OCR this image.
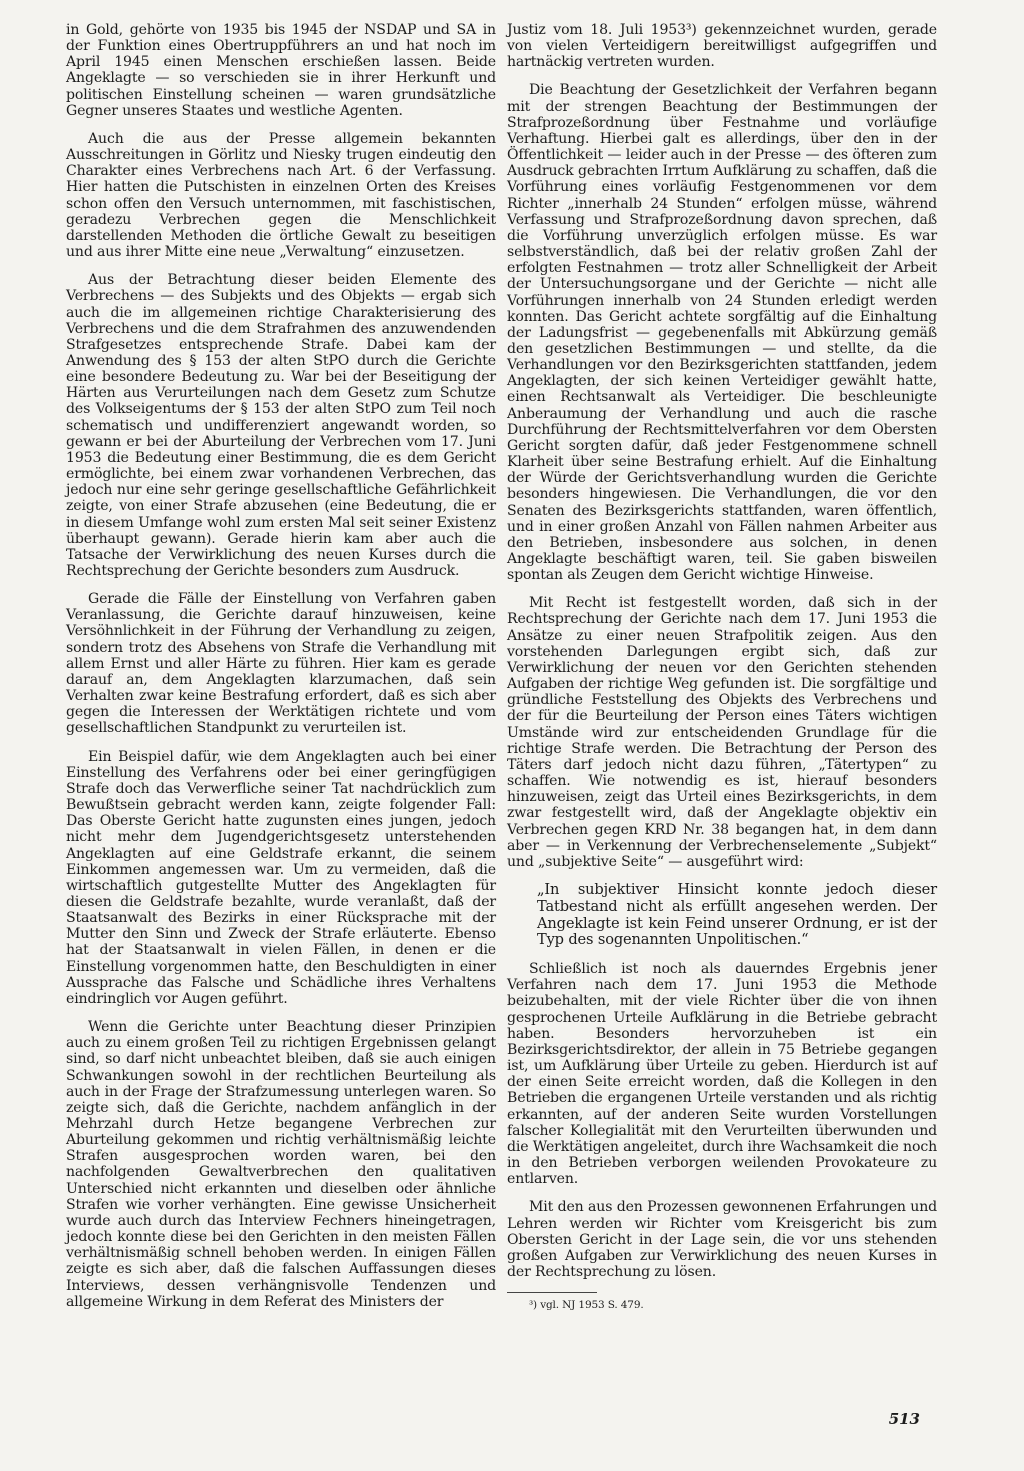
in Gold, gehörte von 1935 bis 1945 der NSDAP und SA in der Funktion eines Obertruppführers an und hat noch im April 1945 einen Menschen erschießen lassen. Beide Angeklagte — so verschieden sie in ihrer Herkunft und politischen Einstellung scheinen — waren grundsätzliche Gegner unseres Staates und westliche Agenten.

Auch die aus der Presse allgemein bekannten Ausschreitungen in Görlitz und Niesky trugen eindeutig den Charakter eines Verbrechens nach Art. 6 der Verfassung. Hier hatten die Putschisten in einzelnen Orten des Kreises schon offen den Versuch unternommen, mit faschistischen, geradezu Verbrechen gegen die Menschlichkeit darstellenden Methoden die örtliche Gewalt zu beseitigen und aus ihrer Mitte eine neue „Verwaltung“ einzusetzen.

Aus der Betrachtung dieser beiden Elemente des Verbrechens — des Subjekts und des Objekts — ergab sich auch die im allgemeinen richtige Charakterisierung des Verbrechens und die dem Strafrahmen des anzuwendenden Strafgesetzes entsprechende Strafe. Dabei kam der Anwendung des § 153 der alten StPO durch die Gerichte eine besondere Bedeutung zu. War bei der Beseitigung der Härten aus Verurteilungen nach dem Gesetz zum Schutze des Volkseigentums der § 153 der alten StPO zum Teil noch schematisch und undifferenziert angewandt worden, so gewann er bei der Aburteilung der Verbrechen vom 17. Juni 1953 die Bedeutung einer Bestimmung, die es dem Gericht ermöglichte, bei einem zwar vorhandenen Verbrechen, das jedoch nur eine sehr geringe gesellschaftliche Gefährlichkeit zeigte, von einer Strafe abzusehen (eine Bedeutung, die er in diesem Umfange wohl zum ersten Mal seit seiner Existenz überhaupt gewann). Gerade hierin kam aber auch die Tatsache der Verwirklichung des neuen Kurses durch die Rechtsprechung der Gerichte besonders zum Ausdruck.

Gerade die Fälle der Einstellung von Verfahren gaben Veranlassung, die Gerichte darauf hinzuweisen, keine Versöhnlichkeit in der Führung der Verhandlung zu zeigen, sondern trotz des Absehens von Strafe die Verhandlung mit allem Ernst und aller Härte zu führen. Hier kam es gerade darauf an, dem Angeklagten klarzumachen, daß sein Verhalten zwar keine Bestrafung erfordert, daß es sich aber gegen die Interessen der Werktätigen richtete und vom gesellschaftlichen Standpunkt zu verurteilen ist.

Ein Beispiel dafür, wie dem Angeklagten auch bei einer Einstellung des Verfahrens oder bei einer geringfügigen Strafe doch das Verwerfliche seiner Tat nachdrücklich zum Bewußtsein gebracht werden kann, zeigte folgender Fall: Das Oberste Gericht hatte zugunsten eines jungen, jedoch nicht mehr dem Jugendgerichtsgesetz unterstehenden Angeklagten auf eine Geldstrafe erkannt, die seinem Einkommen angemessen war. Um zu vermeiden, daß die wirtschaftlich gutgestellte Mutter des Angeklagten für diesen die Geldstrafe bezahlte, wurde veranlaßt, daß der Staatsanwalt des Bezirks in einer Rücksprache mit der Mutter den Sinn und Zweck der Strafe erläuterte. Ebenso hat der Staatsanwalt in vielen Fällen, in denen er die Einstellung vorgenommen hatte, den Beschuldigten in einer Aussprache das Falsche und Schädliche ihres Verhaltens eindringlich vor Augen geführt.

Wenn die Gerichte unter Beachtung dieser Prinzipien auch zu einem großen Teil zu richtigen Ergebnissen gelangt sind, so darf nicht unbeachtet bleiben, daß sie auch einigen Schwankungen sowohl in der rechtlichen Beurteilung als auch in der Frage der Strafzumessung unterlegen waren. So zeigte sich, daß die Gerichte, nachdem anfänglich in der Mehrzahl durch Hetze begangene Verbrechen zur Aburteilung gekommen und richtig verhältnismäßig leichte Strafen ausgesprochen worden waren, bei den nachfolgenden Gewaltverbrechen den qualitativen Unterschied nicht erkannten und dieselben oder ähnliche Strafen wie vorher verhängten. Eine gewisse Unsicherheit wurde auch durch das Interview Fechners hineingetragen, jedoch konnte diese bei den Gerichten in den meisten Fällen verhältnismäßig schnell behoben werden. In einigen Fällen zeigte es sich aber, daß die falschen Auffassungen dieses Interviews, dessen verhängnisvolle Tendenzen und allgemeine Wirkung in dem Referat des Ministers der

Justiz vom 18. Juli 1953³) gekennzeichnet wurden, gerade von vielen Verteidigern bereitwilligst aufgegriffen und hartnäckig vertreten wurden.

Die Beachtung der Gesetzlichkeit der Verfahren begann mit der strengen Beachtung der Bestimmungen der Strafprozeßordnung über Festnahme und vorläufige Verhaftung. Hierbei galt es allerdings, über den in der Öffentlichkeit — leider auch in der Presse — des öfteren zum Ausdruck gebrachten Irrtum Aufklärung zu schaffen, daß die Vorführung eines vorläufig Festgenommenen vor dem Richter „innerhalb 24 Stunden“ erfolgen müsse, während Verfassung und Strafprozeßordnung davon sprechen, daß die Vorführung unverzüglich erfolgen müsse. Es war selbstverständlich, daß bei der relativ großen Zahl der erfolgten Festnahmen — trotz aller Schnelligkeit der Arbeit der Untersuchungsorgane und der Gerichte — nicht alle Vorführungen innerhalb von 24 Stunden erledigt werden konnten. Das Gericht achtete sorgfältig auf die Einhaltung der Ladungsfrist — gegebenenfalls mit Abkürzung gemäß den gesetzlichen Bestimmungen — und stellte, da die Verhandlungen vor den Bezirksgerichten stattfanden, jedem Angeklagten, der sich keinen Verteidiger gewählt hatte, einen Rechtsanwalt als Verteidiger. Die beschleunigte Anberaumung der Verhandlung und auch die rasche Durchführung der Rechtsmittelverfahren vor dem Obersten Gericht sorgten dafür, daß jeder Festgenommene schnell Klarheit über seine Bestrafung erhielt. Auf die Einhaltung der Würde der Gerichtsverhandlung wurden die Gerichte besonders hingewiesen. Die Verhandlungen, die vor den Senaten des Bezirksgerichts stattfanden, waren öffentlich, und in einer großen Anzahl von Fällen nahmen Arbeiter aus den Betrieben, insbesondere aus solchen, in denen Angeklagte beschäftigt waren, teil. Sie gaben bisweilen spontan als Zeugen dem Gericht wichtige Hinweise.

Mit Recht ist festgestellt worden, daß sich in der Rechtsprechung der Gerichte nach dem 17. Juni 1953 die Ansätze zu einer neuen Strafpolitik zeigen. Aus den vorstehenden Darlegungen ergibt sich, daß zur Verwirklichung der neuen vor den Gerichten stehenden Aufgaben der richtige Weg gefunden ist. Die sorgfältige und gründliche Feststellung des Objekts des Verbrechens und der für die Beurteilung der Person eines Täters wichtigen Umstände wird zur entscheidenden Grundlage für die richtige Strafe werden. Die Betrachtung der Person des Täters darf jedoch nicht dazu führen, „Tätertypen“ zu schaffen. Wie notwendig es ist, hierauf besonders hinzuweisen, zeigt das Urteil eines Bezirksgerichts, in dem zwar festgestellt wird, daß der Angeklagte objektiv ein Verbrechen gegen KRD Nr. 38 begangen hat, in dem dann aber — in Verkennung der Verbrechenselemente „Subjekt“ und „subjektive Seite“ — ausgeführt wird:

„In subjektiver Hinsicht konnte jedoch dieser Tatbestand nicht als erfüllt angesehen werden. Der Angeklagte ist kein Feind unserer Ordnung, er ist der Typ des sogenannten Unpolitischen.“

Schließlich ist noch als dauerndes Ergebnis jener Verfahren nach dem 17. Juni 1953 die Methode beizubehalten, mit der viele Richter über die von ihnen gesprochenen Urteile Aufklärung in die Betriebe gebracht haben. Besonders hervorzuheben ist ein Bezirksgerichtsdirektor, der allein in 75 Betriebe gegangen ist, um Aufklärung über Urteile zu geben. Hierdurch ist auf der einen Seite erreicht worden, daß die Kollegen in den Betrieben die ergangenen Urteile verstanden und als richtig erkannten, auf der anderen Seite wurden Vorstellungen falscher Kollegialität mit den Verurteilten überwunden und die Werktätigen angeleitet, durch ihre Wachsamkeit die noch in den Betrieben verborgen weilenden Provokateure zu entlarven.

Mit den aus den Prozessen gewonnenen Erfahrungen und Lehren werden wir Richter vom Kreisgericht bis zum Obersten Gericht in der Lage sein, die vor uns stehenden großen Aufgaben zur Verwirklichung des neuen Kurses in der Rechtsprechung zu lösen.

³) vgl. NJ 1953 S. 479.

513
